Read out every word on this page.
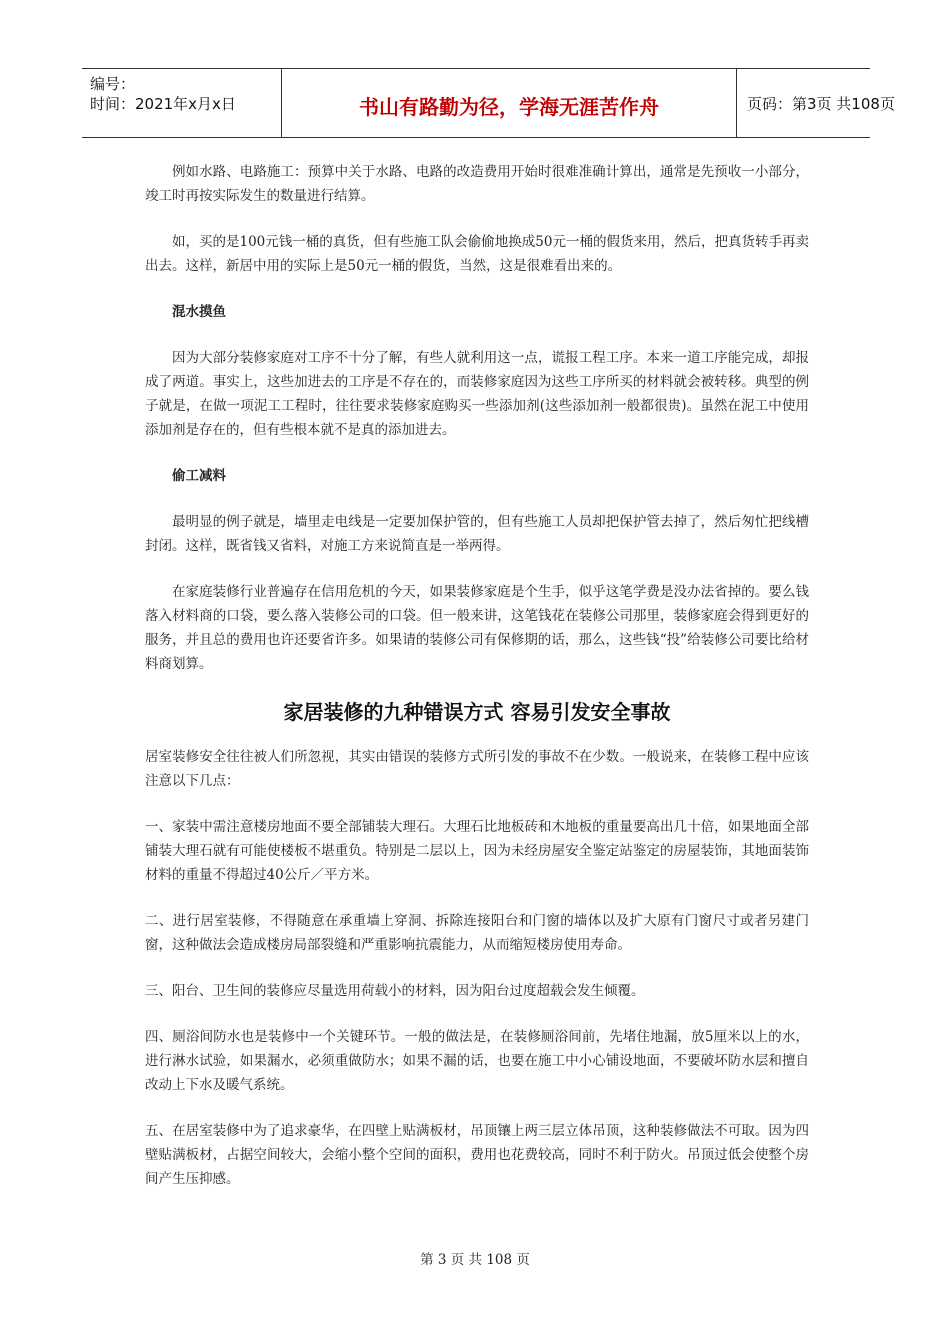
编号：
时间：2021年x月x日	书山有路勤为径，学海无涯苦作舟	页码：第3页 共108页

例如水路、电路施工：预算中关于水路、电路的改造费用开始时很难准确计算出，通常是先预收一小部分，竣工时再按实际发生的数量进行结算。

如，买的是100元钱一桶的真货，但有些施工队会偷偷地换成50元一桶的假货来用，然后，把真货转手再卖出去。这样，新居中用的实际上是50元一桶的假货，当然，这是很难看出来的。

混水摸鱼

因为大部分装修家庭对工序不十分了解，有些人就利用这一点，谎报工程工序。本来一道工序能完成，却报成了两道。事实上，这些加进去的工序是不存在的，而装修家庭因为这些工序所买的材料就会被转移。典型的例子就是，在做一项泥工工程时，往往要求装修家庭购买一些添加剂(这些添加剂一般都很贵)。虽然在泥工中使用添加剂是存在的，但有些根本就不是真的添加进去。

偷工减料

最明显的例子就是，墙里走电线是一定要加保护管的，但有些施工人员却把保护管去掉了，然后匆忙把线槽封闭。这样，既省钱又省料，对施工方来说简直是一举两得。

在家庭装修行业普遍存在信用危机的今天，如果装修家庭是个生手，似乎这笔学费是没办法省掉的。要么钱落入材料商的口袋，要么落入装修公司的口袋。但一般来讲，这笔钱花在装修公司那里，装修家庭会得到更好的服务，并且总的费用也许还要省许多。如果请的装修公司有保修期的话，那么，这些钱“投”给装修公司要比给材料商划算。

家居装修的九种错误方式 容易引发安全事故

居室装修安全往往被人们所忽视，其实由错误的装修方式所引发的事故不在少数。一般说来，在装修工程中应该注意以下几点：

一、家装中需注意楼房地面不要全部铺装大理石。大理石比地板砖和木地板的重量要高出几十倍，如果地面全部铺装大理石就有可能使楼板不堪重负。特别是二层以上，因为未经房屋安全鉴定站鉴定的房屋装饰，其地面装饰材料的重量不得超过40公斤／平方米。

二、进行居室装修，不得随意在承重墙上穿洞、拆除连接阳台和门窗的墙体以及扩大原有门窗尺寸或者另建门窗，这种做法会造成楼房局部裂缝和严重影响抗震能力，从而缩短楼房使用寿命。

三、阳台、卫生间的装修应尽量选用荷载小的材料，因为阳台过度超载会发生倾覆。

四、厕浴间防水也是装修中一个关键环节。一般的做法是，在装修厕浴间前，先堵住地漏，放5厘米以上的水，进行淋水试验，如果漏水，必须重做防水；如果不漏的话，也要在施工中小心铺设地面，不要破坏防水层和擅自改动上下水及暖气系统。

五、在居室装修中为了追求豪华，在四壁上贴满板材，吊顶镶上两三层立体吊顶，这种装修做法不可取。因为四壁贴满板材，占据空间较大，会缩小整个空间的面积，费用也花费较高，同时不利于防火。吊顶过低会使整个房间产生压抑感。

第 3 页 共 108 页
